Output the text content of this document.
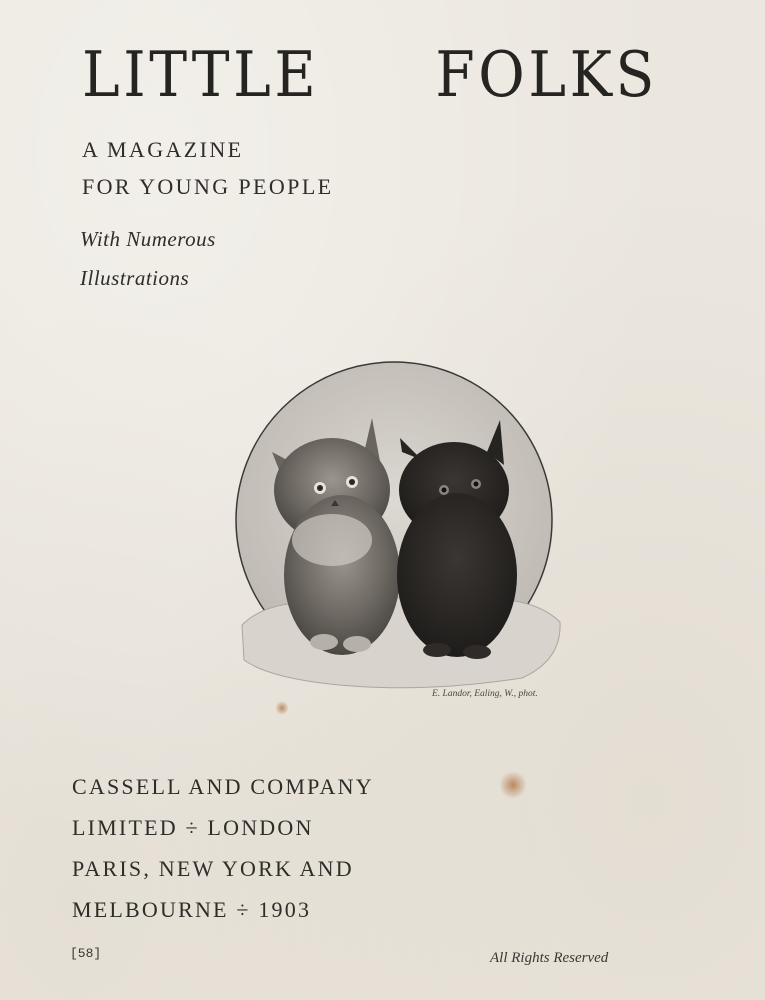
LITTLE FOLKS
A MAGAZINE
FOR YOUNG PEOPLE
With Numerous
Illustrations
E. Landor, Ealing, W., phot.
CASSELL AND COMPANY
LIMITED ÷ LONDON
PARIS, NEW YORK AND
MELBOURNE ÷ 1903
[58]	All Rights Reserved
